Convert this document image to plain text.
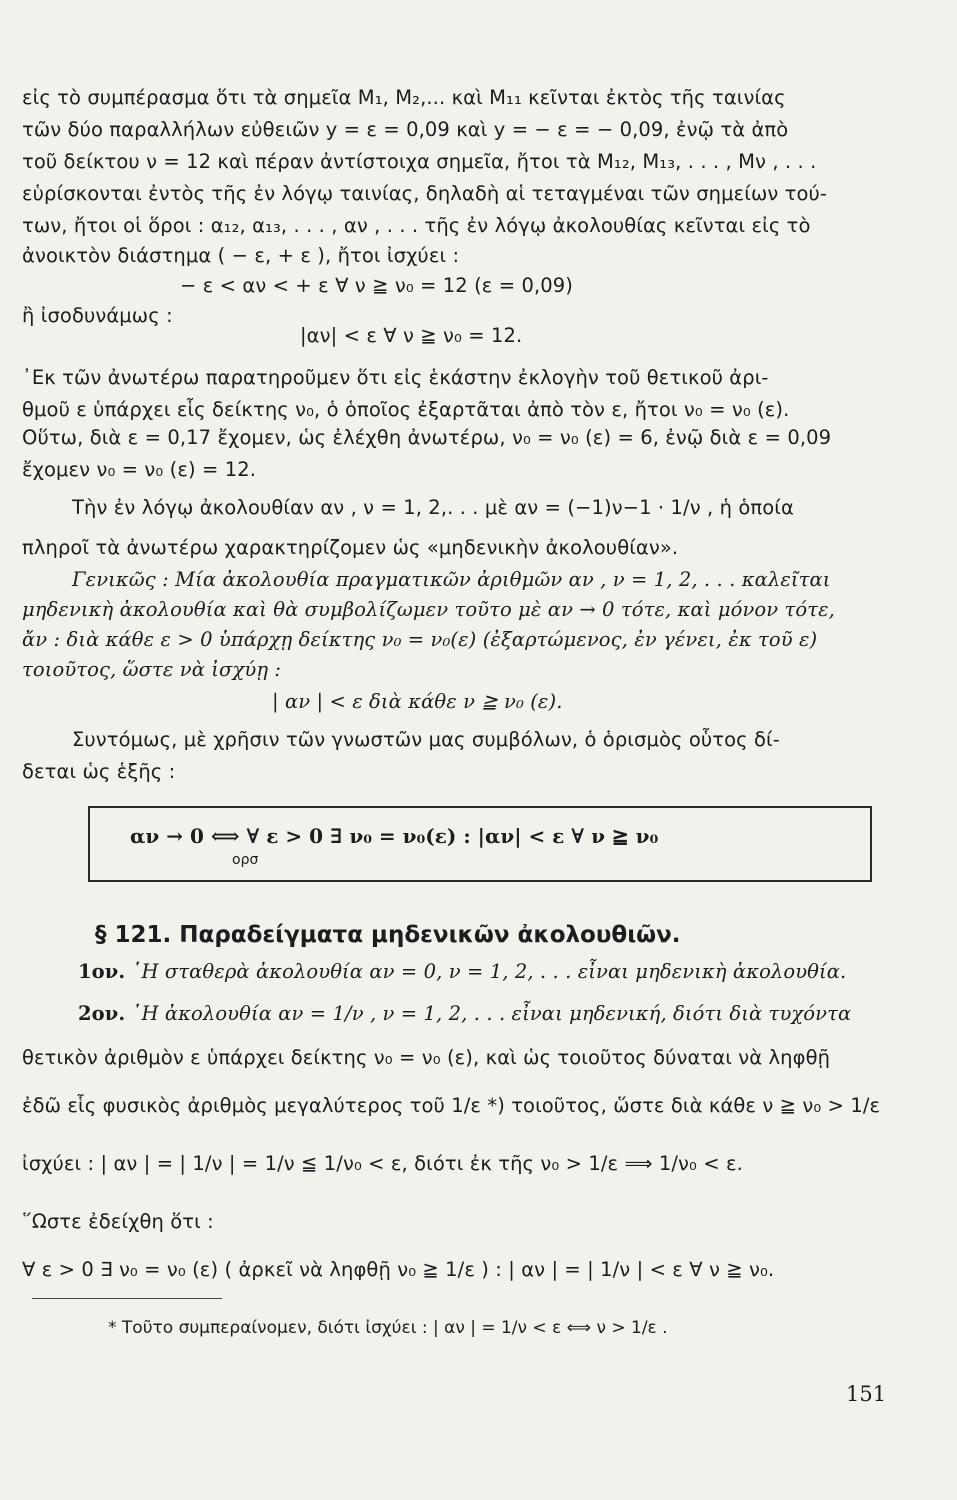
εἰς τὸ συμπέρασμα ὅτι τὰ σημεῖα M₁, M₂,... καὶ M₁₁ κεῖνται ἐκτὸς τῆς ταινίας
τῶν δύο παραλλήλων εὐθειῶν y = ε = 0,09 καὶ y = − ε = − 0,09, ἐνῷ τὰ ἀπὸ
τοῦ δείκτου ν = 12 καὶ πέραν ἀντίστοιχα σημεῖα, ἤτοι τὰ M₁₂, M₁₃, . . . , Mν , . . .
εὑρίσκονται ἐντὸς τῆς ἐν λόγῳ ταινίας, δηλαδὴ αἱ τεταγμέναι τῶν σημείων τού-
των, ἤτοι οἱ ὅροι : α₁₂, α₁₃, . . . , αν , . . . τῆς ἐν λόγῳ ἀκολουθίας κεῖνται εἰς τὸ
ἀνοικτὸν διάστημα ( − ε, + ε ), ἤτοι ἰσχύει :
− ε < αν < + ε ∀ ν ≧ ν₀ = 12 (ε = 0,09)
ἢ ἰσοδυνάμως :
|αν| < ε ∀ ν ≧ ν₀ = 12.
᾿Εκ τῶν ἀνωτέρω παρατηροῦμεν ὅτι εἰς ἑκάστην ἐκλογὴν τοῦ θετικοῦ ἀρι-
θμοῦ ε ὑπάρχει εἷς δείκτης ν₀, ὁ ὁποῖος ἐξαρτᾶται ἀπὸ τὸν ε, ἤτοι ν₀ = ν₀ (ε).
Οὕτω, διὰ ε = 0,17 ἔχομεν, ὡς ἐλέχθη ἀνωτέρω, ν₀ = ν₀ (ε) = 6, ἐνῷ διὰ ε = 0,09
ἔχομεν ν₀ = ν₀ (ε) = 12.
Τὴν ἐν λόγῳ ἀκολουθίαν αν , ν = 1, 2,. . . μὲ αν = (−1)ν−1 · 1/ν , ἡ ὁποία
πληροῖ τὰ ἀνωτέρω χαρακτηρίζομεν ὡς «μηδενικὴν ἀκολουθίαν».
Γενικῶς : Μία ἀκολουθία πραγματικῶν ἀριθμῶν αν , ν = 1, 2, . . . καλεῖται
μηδενικὴ ἀκολουθία καὶ θὰ συμβολίζωμεν τοῦτο μὲ αν → 0 τότε, καὶ μόνον τότε,
ἄν : διὰ κάθε ε > 0 ὑπάρχῃ δείκτης ν₀ = ν₀(ε) (ἐξαρτώμενος, ἐν γένει, ἐκ τοῦ ε)
τοιοῦτος, ὥστε νὰ ἰσχύῃ :
| αν | < ε διὰ κάθε ν ≧ ν₀ (ε).
Συντόμως, μὲ χρῆσιν τῶν γνωστῶν μας συμβόλων, ὁ ὁρισμὸς οὗτος δί-
δεται ὡς ἑξῆς :
αν → 0 ⟺ ∀ ε > 0 ∃ ν₀ = ν₀(ε) : |αν| < ε ∀ ν ≧ ν₀
ορσ
§ 121. Παραδείγματα μηδενικῶν ἀκολουθιῶν.
1ον. ῾Η σταθερὰ ἀκολουθία αν = 0, ν = 1, 2, . . . εἶναι μηδενικὴ ἀκολουθία.
2ον. ῾Η ἀκολουθία αν = 1/ν , ν = 1, 2, . . . εἶναι μηδενική, διότι διὰ τυχόντα
θετικὸν ἀριθμὸν ε ὑπάρχει δείκτης ν₀ = ν₀ (ε), καὶ ὡς τοιοῦτος δύναται νὰ ληφθῇ
ἐδῶ εἷς φυσικὸς ἀριθμὸς μεγαλύτερος τοῦ 1/ε *) τοιοῦτος, ὥστε διὰ κάθε ν ≧ ν₀ > 1/ε
ἰσχύει : | αν | = | 1/ν | = 1/ν ≦ 1/ν₀ < ε, διότι ἐκ τῆς ν₀ > 1/ε ⟹ 1/ν₀ < ε.
῞Ωστε ἐδείχθη ὅτι :
∀ ε > 0 ∃ ν₀ = ν₀ (ε) ( ἀρκεῖ νὰ ληφθῇ ν₀ ≧ 1/ε ) : | αν | = | 1/ν | < ε ∀ ν ≧ ν₀.
* Τοῦτο συμπεραίνομεν, διότι ἰσχύει : | αν | = 1/ν < ε ⟺ ν > 1/ε .
151
